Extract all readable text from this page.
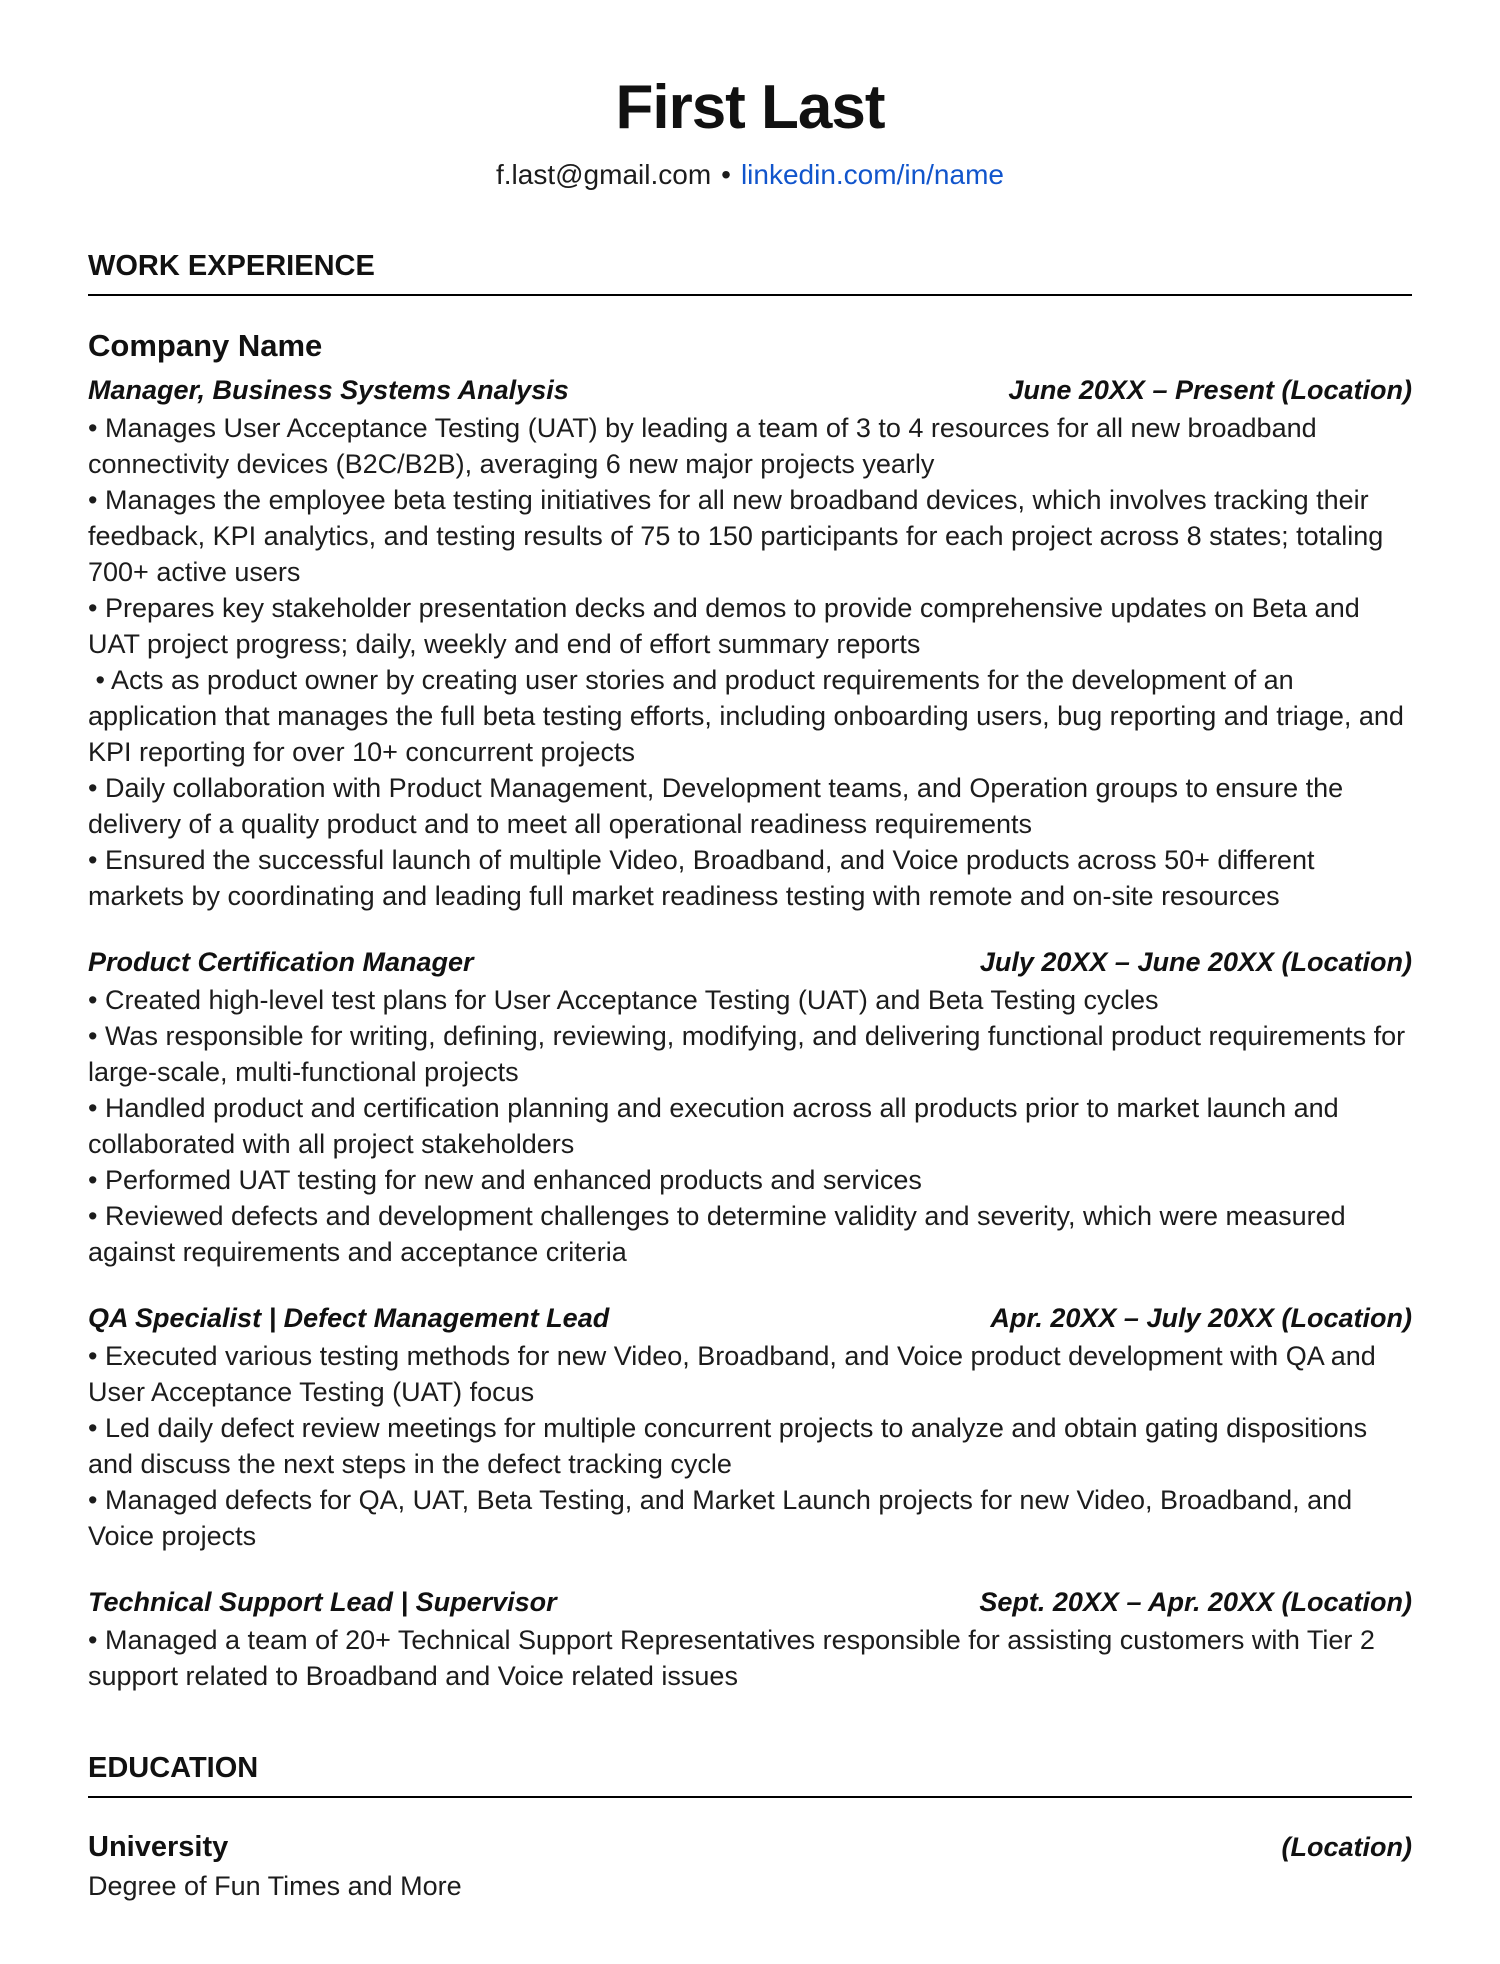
First Last
f.last@gmail.com • linkedin.com/in/name
WORK EXPERIENCE
Company Name
Manager, Business Systems Analysis	June 20XX – Present (Location)
• Manages User Acceptance Testing (UAT) by leading a team of 3 to 4 resources for all new broadband connectivity devices (B2C/B2B), averaging 6 new major projects yearly
• Manages the employee beta testing initiatives for all new broadband devices, which involves tracking their feedback, KPI analytics, and testing results of 75 to 150 participants for each project across 8 states; totaling 700+ active users
• Prepares key stakeholder presentation decks and demos to provide comprehensive updates on Beta and UAT project progress; daily, weekly and end of effort summary reports
• Acts as product owner by creating user stories and product requirements for the development of an application that manages the full beta testing efforts, including onboarding users, bug reporting and triage, and KPI reporting for over 10+ concurrent projects
• Daily collaboration with Product Management, Development teams, and Operation groups to ensure the delivery of a quality product and to meet all operational readiness requirements
• Ensured the successful launch of multiple Video, Broadband, and Voice products across 50+ different markets by coordinating and leading full market readiness testing with remote and on-site resources
Product Certification Manager	July 20XX – June 20XX (Location)
• Created high-level test plans for User Acceptance Testing (UAT) and Beta Testing cycles
• Was responsible for writing, defining, reviewing, modifying, and delivering functional product requirements for large-scale, multi-functional projects
• Handled product and certification planning and execution across all products prior to market launch and collaborated with all project stakeholders
• Performed UAT testing for new and enhanced products and services
• Reviewed defects and development challenges to determine validity and severity, which were measured against requirements and acceptance criteria
QA Specialist | Defect Management Lead	Apr. 20XX – July 20XX (Location)
• Executed various testing methods for new Video, Broadband, and Voice product development with QA and User Acceptance Testing (UAT) focus
• Led daily defect review meetings for multiple concurrent projects to analyze and obtain gating dispositions and discuss the next steps in the defect tracking cycle
• Managed defects for QA, UAT, Beta Testing, and Market Launch projects for new Video, Broadband, and Voice projects
Technical Support Lead | Supervisor	Sept. 20XX – Apr. 20XX (Location)
• Managed a team of 20+ Technical Support Representatives responsible for assisting customers with Tier 2 support related to Broadband and Voice related issues
EDUCATION
University	(Location)
Degree of Fun Times and More
